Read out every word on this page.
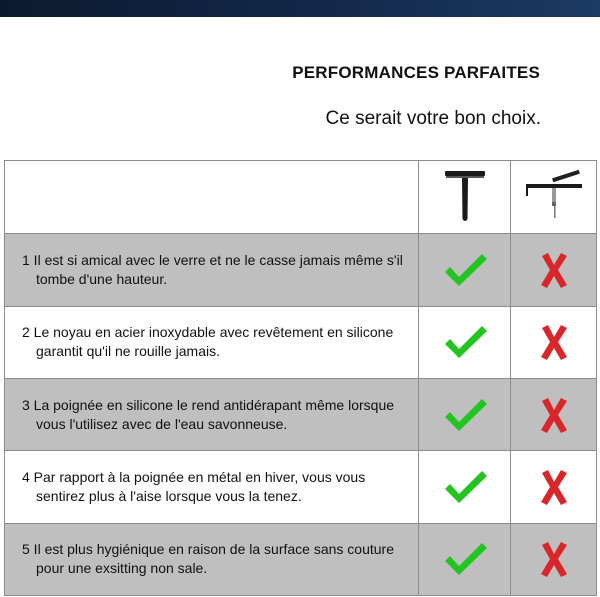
PERFORMANCES PARFAITES
Ce serait votre bon choix.

1 Il est si amical avec le verre et ne le casse jamais même s'il tombe d'une hauteur.		
2 Le noyau en acier inoxydable avec revêtement en silicone garantit qu'il ne rouille jamais.		
3 La poignée en silicone le rend antidérapant même lorsque vous l'utilisez avec de l'eau savonneuse.		
4 Par rapport à la poignée en métal en hiver, vous vous sentirez plus à l'aise lorsque vous la tenez.		
5 Il est plus hygiénique en raison de la surface sans couture pour une exsitting non sale.		
